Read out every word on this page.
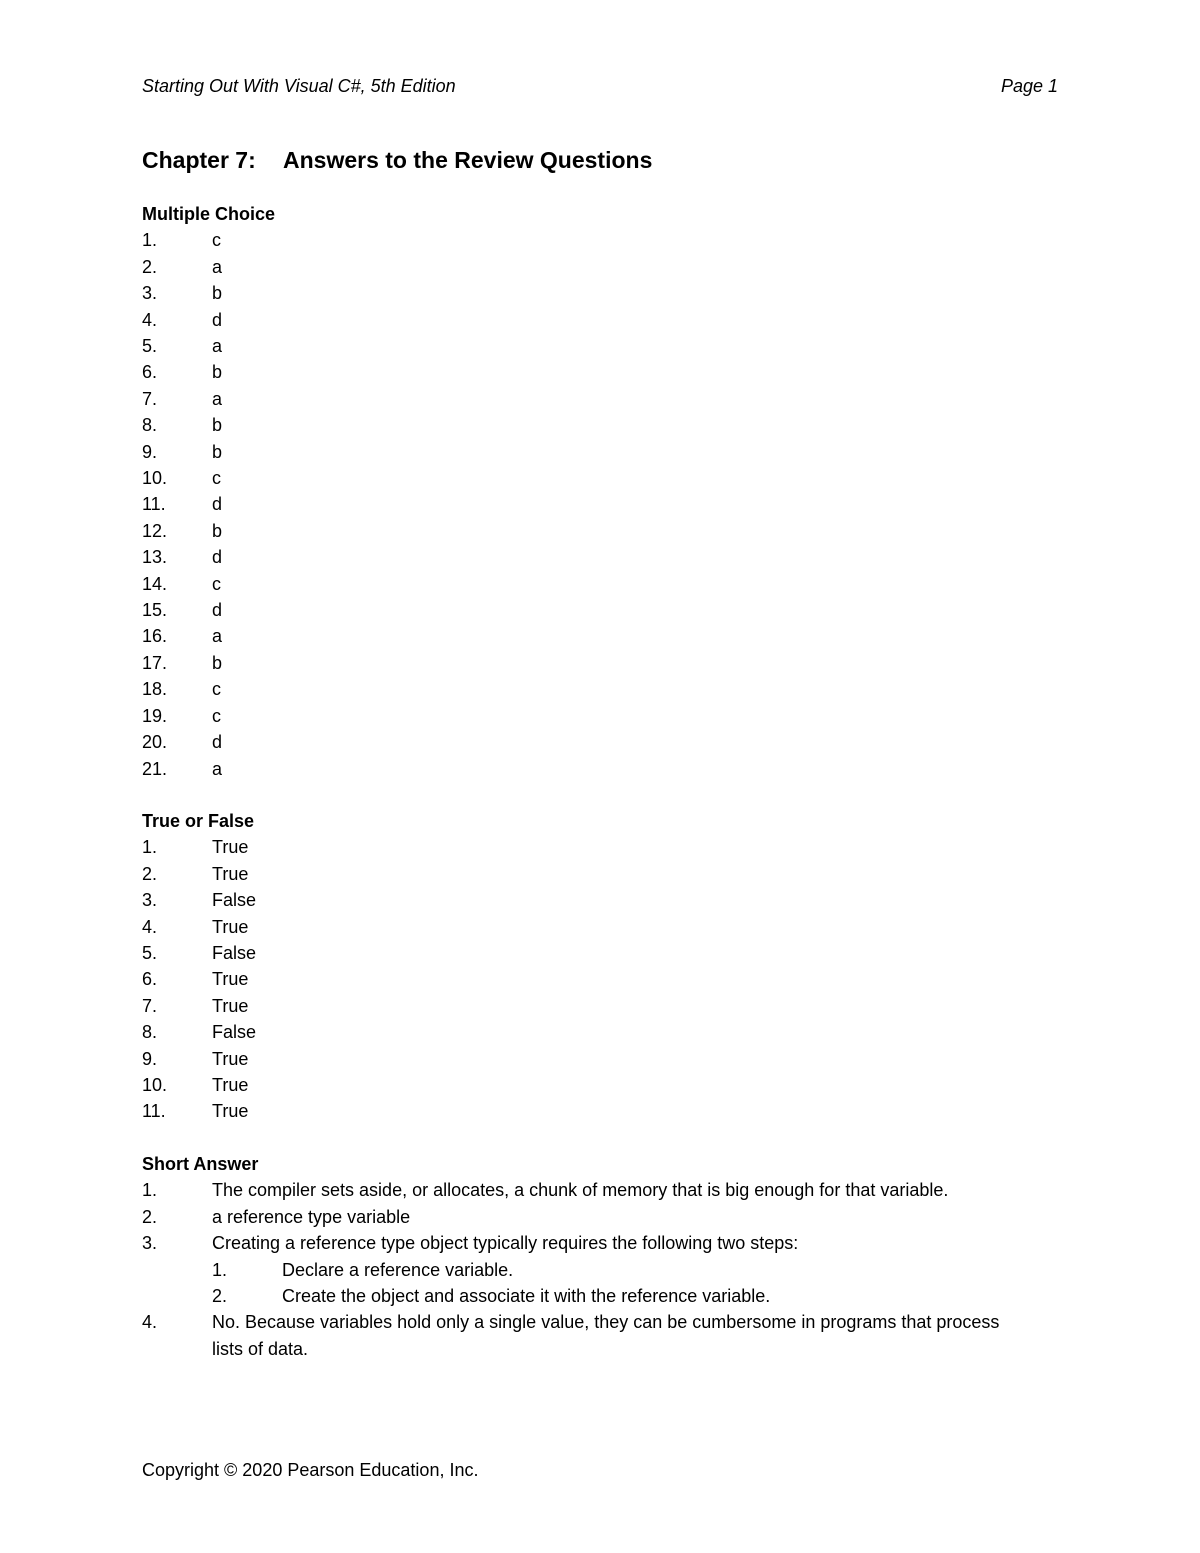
Starting Out With Visual C#, 5th Edition	Page 1
Chapter 7: Answers to the Review Questions
Multiple Choice
1.	c
2.	a
3.	b
4.	d
5.	a
6.	b
7.	a
8.	b
9.	b
10.	c
11.	d
12.	b
13.	d
14.	c
15.	d
16.	a
17.	b
18.	c
19.	c
20.	d
21.	a
True or False
1.	True
2.	True
3.	False
4.	True
5.	False
6.	True
7.	True
8.	False
9.	True
10.	True
11.	True
Short Answer
1.	The compiler sets aside, or allocates, a chunk of memory that is big enough for that variable.
2.	a reference type variable
3.	Creating a reference type object typically requires the following two steps:
1.	Declare a reference variable.
2.	Create the object and associate it with the reference variable.
4.	No. Because variables hold only a single value, they can be cumbersome in programs that process lists of data.
Copyright © 2020 Pearson Education, Inc.
